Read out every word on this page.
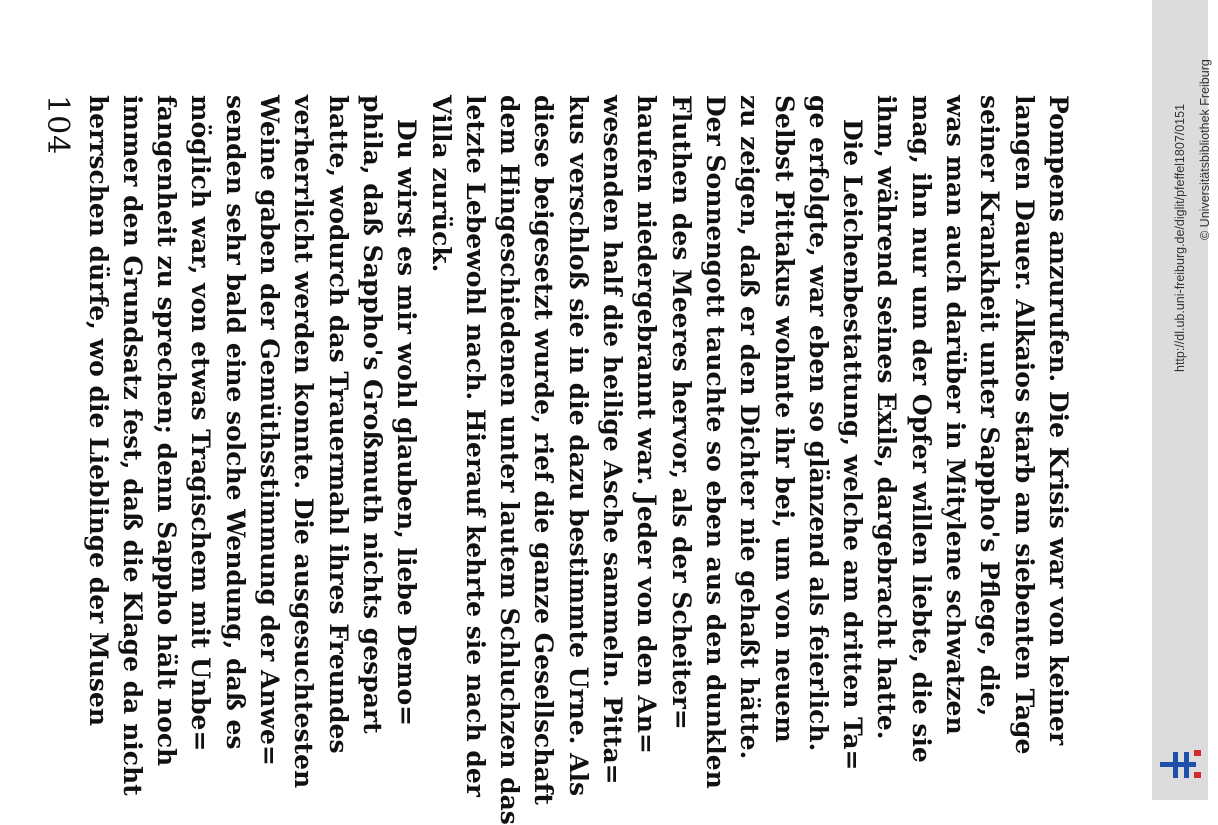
Pompens anzurufen. Die Krisis war von keiner
langen Dauer. Alkaios starb am siebenten Tage
seiner Krankheit unter Sappho's Pflege, die,
was man auch darüber in Mitylene schwatzen
mag, ihn nur um der Opfer willen liebte, die sie
ihm, während seines Exils, dargebracht hatte.
Die Leichenbestattung, welche am dritten Ta=
ge erfolgte, war eben so glänzend als feierlich.
Selbst Pittakus wohnte ihr bei, um von neuem
zu zeigen, daß er den Dichter nie gehaßt hätte.
Der Sonnengott tauchte so eben aus den dunklen
Fluthen des Meeres hervor, als der Scheiter=
haufen niedergebrannt war. Jeder von den An=
wesenden half die heilige Asche sammeln. Pitta=
kus verschloß sie in die dazu bestimmte Urne. Als
diese beigesetzt wurde, rief die ganze Gesellschaft
dem Hingeschiedenen unter lautem Schluchzen das
letzte Lebewohl nach. Hierauf kehrte sie nach der
Villa zurück.
Du wirst es mir wohl glauben, liebe Demo=
phila, daß Sappho's Großmuth nichts gespart
hatte, wodurch das Trauermahl ihres Freundes
verherrlicht werden konnte. Die ausgesuchtesten
Weine gaben der Gemüthsstimmung der Anwe=
senden sehr bald eine solche Wendung, daß es
möglich war, von etwas Tragischem mit Unbe=
fangenheit zu sprechen; denn Sappho hält noch
immer den Grundsatz fest, daß die Klage da nicht
herrschen dürfe, wo die Lieblinge der Musen
104	http://dl.ub.uni-freiburg.de/diglit/pfeffel1807/0151 © Universitätsbibliothek Freiburg
